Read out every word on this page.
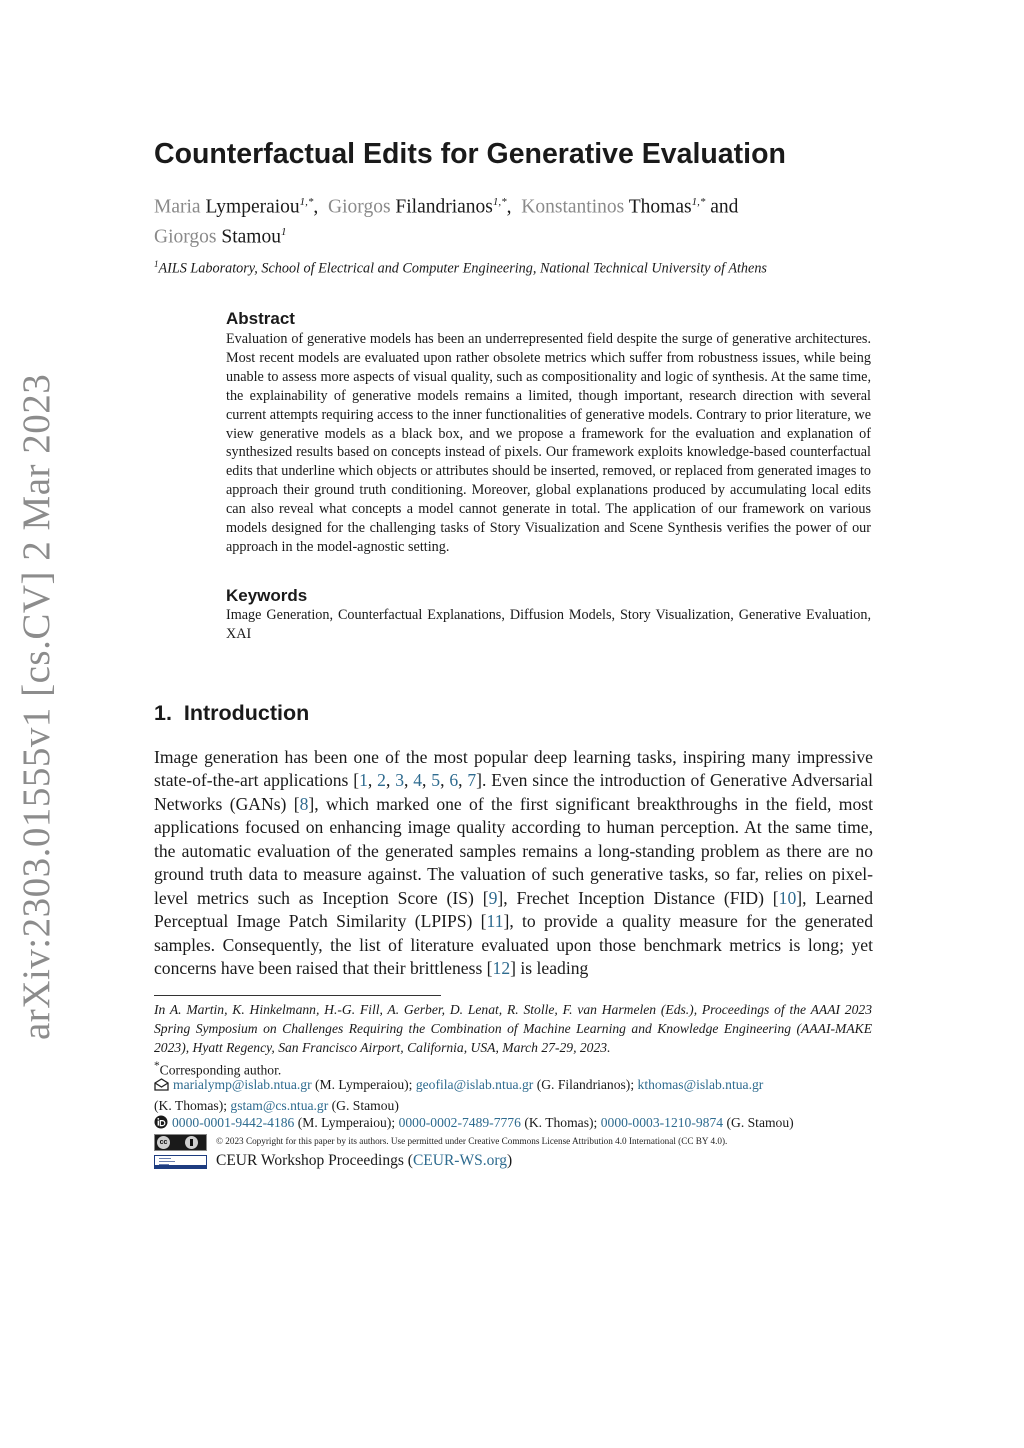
arXiv:2303.01555v1 [cs.CV] 2 Mar 2023
Counterfactual Edits for Generative Evaluation
Maria Lymperaiou$^{1,*}$,  Giorgos Filandrianos$^{1,*}$,  Konstantinos Thomas$^{1,*}$ and
Giorgos Stamou$^1$
$^1$AILS Laboratory, School of Electrical and Computer Engineering, National Technical University of Athens
Abstract
Evaluation of generative models has been an underrepresented field despite the surge of generative architectures. Most recent models are evaluated upon rather obsolete metrics which suffer from robustness issues, while being unable to assess more aspects of visual quality, such as compositionality and logic of synthesis. At the same time, the explainability of generative models remains a limited, though important, research direction with several current attempts requiring access to the inner functionalities of generative models. Contrary to prior literature, we view generative models as a black box, and we propose a framework for the evaluation and explanation of synthesized results based on concepts instead of pixels. Our framework exploits knowledge-based counterfactual edits that underline which objects or attributes should be inserted, removed, or replaced from generated images to approach their ground truth conditioning. Moreover, global explanations produced by accumulating local edits can also reveal what concepts a model cannot generate in total. The application of our framework on various models designed for the challenging tasks of Story Visualization and Scene Synthesis verifies the power of our approach in the model-agnostic setting.
Keywords
Image Generation, Counterfactual Explanations, Diffusion Models, Story Visualization, Generative Evaluation, XAI
1. Introduction
Image generation has been one of the most popular deep learning tasks, inspiring many impressive state-of-the-art applications [1, 2, 3, 4, 5, 6, 7]. Even since the introduction of Generative Adversarial Networks (GANs) [8], which marked one of the first significant breakthroughs in the field, most applications focused on enhancing image quality according to human perception. At the same time, the automatic evaluation of the generated samples remains a long-standing problem as there are no ground truth data to measure against. The valuation of such generative tasks, so far, relies on pixel-level metrics such as Inception Score (IS) [9], Frechet Inception Distance (FID) [10], Learned Perceptual Image Patch Similarity (LPIPS) [11], to provide a quality measure for the generated samples. Consequently, the list of literature evaluated upon those benchmark metrics is long; yet concerns have been raised that their brittleness [12] is leading
In A. Martin, K. Hinkelmann, H.-G. Fill, A. Gerber, D. Lenat, R. Stolle, F. van Harmelen (Eds.), Proceedings of the AAAI 2023 Spring Symposium on Challenges Requiring the Combination of Machine Learning and Knowledge Engineering (AAAI-MAKE 2023), Hyatt Regency, San Francisco Airport, California, USA, March 27-29, 2023.
*Corresponding author.
marialymp@islab.ntua.gr (M. Lymperaiou); geofila@islab.ntua.gr (G. Filandrianos); kthomas@islab.ntua.gr
(K. Thomas); gstam@cs.ntua.gr (G. Stamou)
0000-0001-9442-4186 (M. Lymperaiou); 0000-0002-7489-7776 (K. Thomas); 0000-0003-1210-9874 (G. Stamou)
cc	© 2023 Copyright for this paper by its authors. Use permitted under Creative Commons License Attribution 4.0 International (CC BY 4.0).
CEUR Workshop Proceedings (CEUR-WS.org)
